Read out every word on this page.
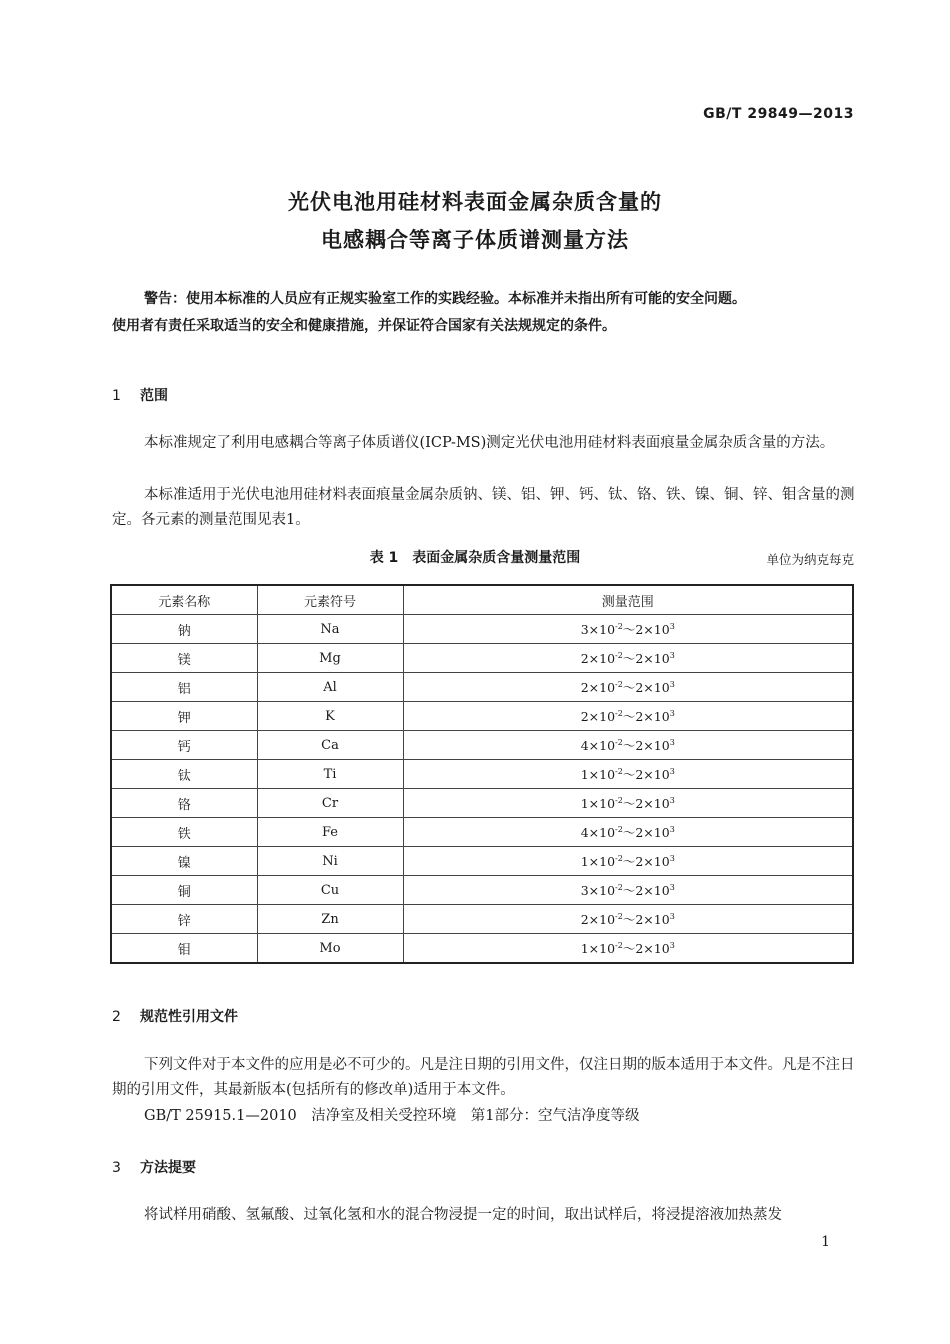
GB/T 29849—2013
光伏电池用硅材料表面金属杂质含量的
电感耦合等离子体质谱测量方法
警告：使用本标准的人员应有正规实验室工作的实践经验。本标准并未指出所有可能的安全问题。
使用者有责任采取适当的安全和健康措施，并保证符合国家有关法规规定的条件。
1 范围
本标准规定了利用电感耦合等离子体质谱仪(ICP-MS)测定光伏电池用硅材料表面痕量金属杂质含量的方法。
本标准适用于光伏电池用硅材料表面痕量金属杂质钠、镁、铝、钾、钙、钛、铬、铁、镍、铜、锌、钼含量的测定。各元素的测量范围见表1。
表 1　表面金属杂质含量测量范围	单位为纳克每克
元素名称	元素符号	测量范围
钠	Na	$3\times 10^{-2}\sim 2\times 10^3$
镁	Mg	$2\times 10^{-2}\sim 2\times 10^3$
铝	Al	$2\times 10^{-2}\sim 2\times 10^3$
钾	K	$2\times 10^{-2}\sim 2\times 10^3$
钙	Ca	$4\times 10^{-2}\sim 2\times 10^3$
钛	Ti	$1\times 10^{-2}\sim 2\times 10^3$
铬	Cr	$1\times 10^{-2}\sim 2\times 10^3$
铁	Fe	$4\times 10^{-2}\sim 2\times 10^3$
镍	Ni	$1\times 10^{-2}\sim 2\times 10^3$
铜	Cu	$3\times 10^{-2}\sim 2\times 10^3$
锌	Zn	$2\times 10^{-2}\sim 2\times 10^3$
钼	Mo	$1\times 10^{-2}\sim 2\times 10^3$
2 规范性引用文件
下列文件对于本文件的应用是必不可少的。凡是注日期的引用文件，仅注日期的版本适用于本文件。凡是不注日期的引用文件，其最新版本(包括所有的修改单)适用于本文件。
GB/T 25915.1—2010　洁净室及相关受控环境　第1部分：空气洁净度等级
3 方法提要
将试样用硝酸、氢氟酸、过氧化氢和水的混合物浸提一定的时间，取出试样后，将浸提溶液加热蒸发
1
